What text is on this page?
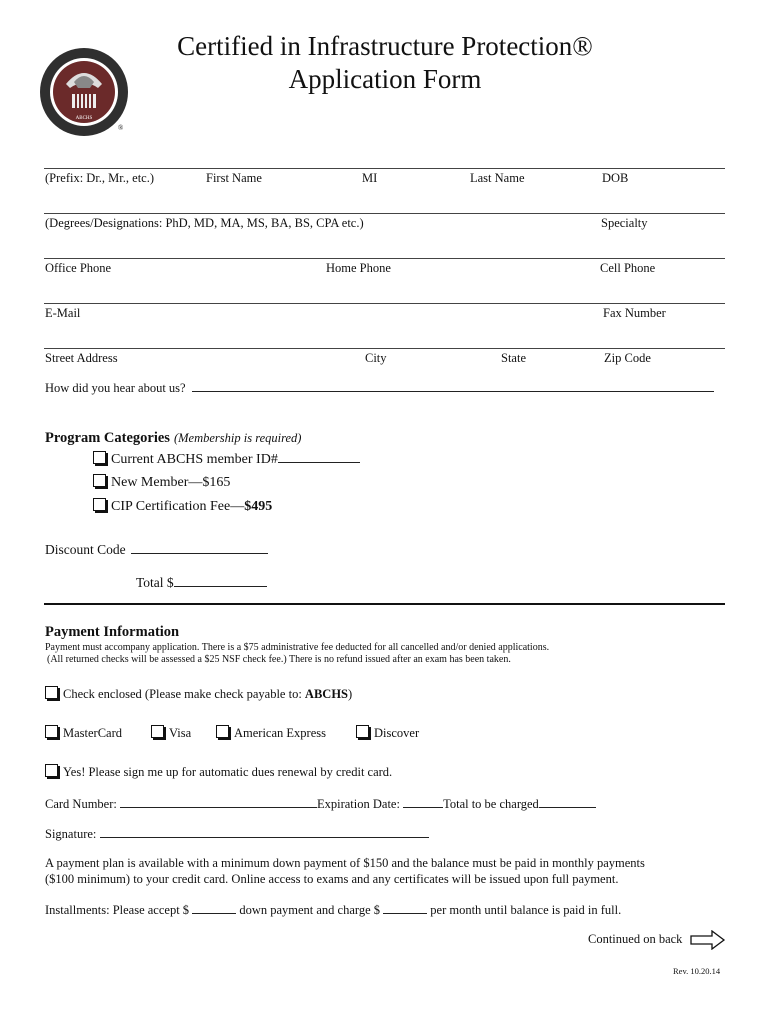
ABCHS
®
Certified in Infrastructure Protection®
Application Form
(Prefix: Dr., Mr., etc.)	First Name	MI	Last Name	DOB
(Degrees/Designations: PhD, MD, MA, MS, BA, BS, CPA etc.)	Specialty
Office Phone	Home Phone	Cell Phone
E-Mail	Fax Number
Street Address	City	State	Zip Code
How did you hear about us?
Program Categories (Membership is required)
Current ABCHS member ID#
New Member—$165
CIP Certification Fee—$495
Discount Code
Total $
Payment Information
Payment must accompany application. There is a $75 administrative fee deducted for all cancelled and/or denied applications.
(All returned checks will be assessed a $25 NSF check fee.) There is no refund issued after an exam has been taken.
Check enclosed (Please make check payable to: ABCHS)
MasterCard	Visa	American Express	Discover
Yes! Please sign me up for automatic dues renewal by credit card.
Card Number:	Expiration Date:	Total to be charged
Signature:
A payment plan is available with a minimum down payment of $150 and the balance must be paid in monthly payments
($100 minimum) to your credit card. Online access to exams and any certificates will be issued upon full payment.
Installments: Please accept $	down payment and charge $	per month until balance is paid in full.
Continued on back
Rev. 10.20.14
